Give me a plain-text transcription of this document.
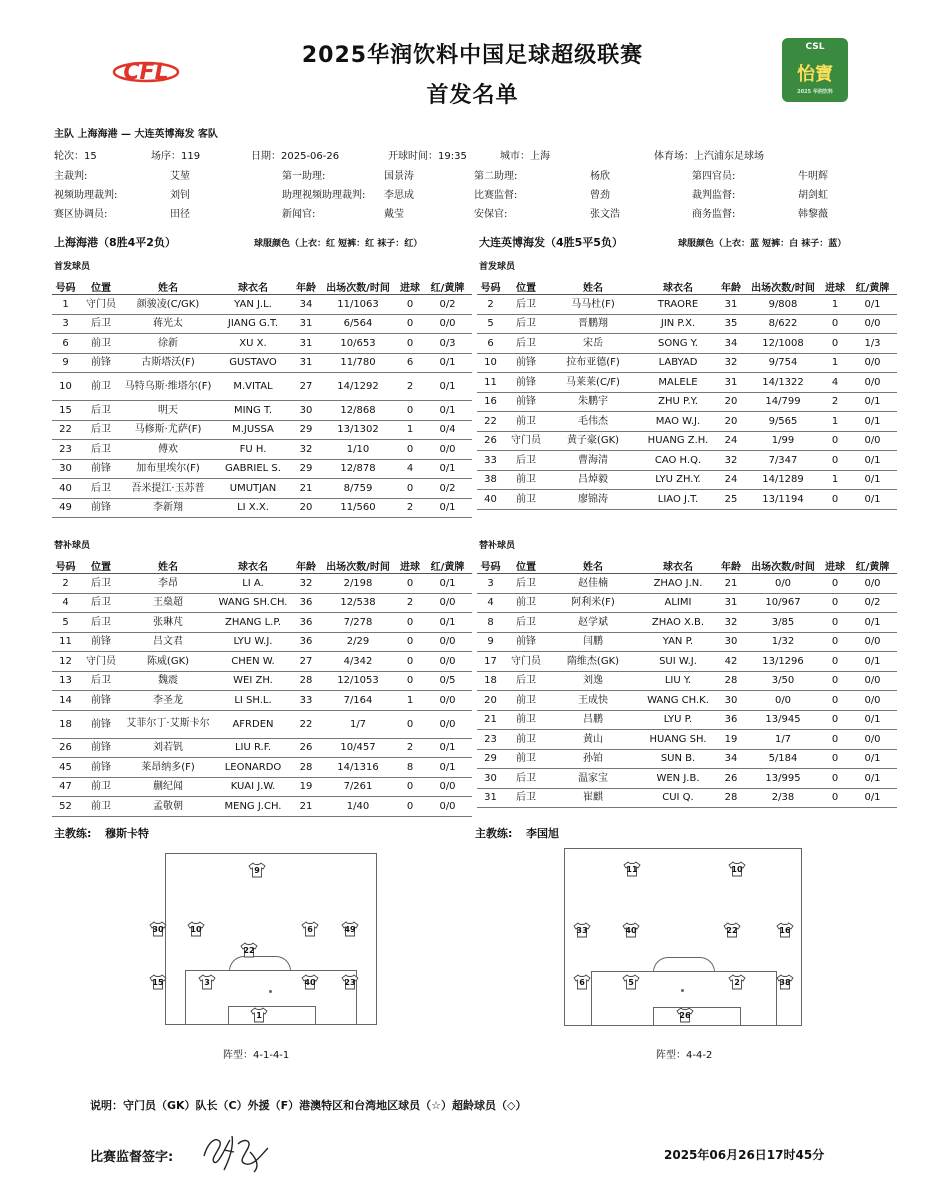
CFL
2025华润饮料中国足球超级联赛
首发名单
CSL
怡寶
2025 华润饮料
主队 上海海港 — 大连英博海发 客队
轮次：15	场序：119	日期：2025-06-26	开球时间：19:35	城市：上海	体育场：上汽浦东足球场
主裁判:	艾堃	第一助理:	国景涛	第二助理:	杨欣	第四官员:	牛明辉
视频助理裁判:	刘钊	助理视频助理裁判: 李思成	比赛监督:	曾劲	裁判监督:	胡剑虹
赛区协调员:	田径	新闻官:	戴莹	安保官:	张文浩	商务监督:	韩黎薇
上海海港（8胜4平2负）	球服颜色（上衣：红 短裤：红 袜子：红）	大连英博海发（4胜5平5负）	球服颜色（上衣：蓝 短裤：白 袜子：蓝）
首发球员	首发球员
号码	位置	姓名	球衣名	年龄	出场次数/时间	进球	红/黄牌
1	守门员	颜骏凌(C/GK)	YAN J.L.	34	11/1063	0	0/2
3	后卫	蒋光太	JIANG G.T.	31	6/564	0	0/0
6	前卫	徐新	XU X.	31	10/653	0	0/3
9	前锋	古斯塔沃(F)	GUSTAVO	31	11/780	6	0/1
10	前卫	马特乌斯·维塔尔(F)	M.VITAL	27	14/1292	2	0/1
15	后卫	明天	MING T.	30	12/868	0	0/1
22	后卫	马修斯·尤萨(F)	M.JUSSA	29	13/1302	1	0/4
23	后卫	傅欢	FU H.	32	1/10	0	0/0
30	前锋	加布里埃尔(F)	GABRIEL S.	29	12/878	4	0/1
40	后卫	吾米提江·玉苏普	UMUTJAN	21	8/759	0	0/2
49	前锋	李新翔	LI X.X.	20	11/560	2	0/1
号码	位置	姓名	球衣名	年龄	出场次数/时间	进球	红/黄牌
2	后卫	马马杜(F)	TRAORE	31	9/808	1	0/1
5	后卫	晋鹏翔	JIN P.X.	35	8/622	0	0/0
6	后卫	宋岳	SONG Y.	34	12/1008	0	1/3
10	前锋	拉布亚德(F)	LABYAD	32	9/754	1	0/0
11	前锋	马莱莱(C/F)	MALELE	31	14/1322	4	0/0
16	前锋	朱鹏宇	ZHU P.Y.	20	14/799	2	0/1
22	前卫	毛伟杰	MAO W.J.	20	9/565	1	0/1
26	守门员	黄子豪(GK)	HUANG Z.H.	24	1/99	0	0/0
33	后卫	曹海清	CAO H.Q.	32	7/347	0	0/1
38	前卫	吕焯毅	LYU ZH.Y.	24	14/1289	1	0/1
40	前卫	廖锦涛	LIAO J.T.	25	13/1194	0	0/1
替补球员	替补球员
号码	位置	姓名	球衣名	年龄	出场次数/时间	进球	红/黄牌
2	后卫	李昂	LI A.	32	2/198	0	0/1
4	后卫	王燊超	WANG SH.CH.	36	12/538	2	0/0
5	后卫	张琳芃	ZHANG L.P.	36	7/278	0	0/1
11	前锋	吕文君	LYU W.J.	36	2/29	0	0/0
12	守门员	陈威(GK)	CHEN W.	27	4/342	0	0/0
13	后卫	魏震	WEI ZH.	28	12/1053	0	0/5
14	前锋	李圣龙	LI SH.L.	33	7/164	1	0/0
18	前锋	艾菲尔丁·艾斯卡尔	AFRDEN	22	1/7	0	0/0
26	前锋	刘若钒	LIU R.F.	26	10/457	2	0/1
45	前锋	莱昂纳多(F)	LEONARDO	28	14/1316	8	0/1
47	前卫	蒯纪闻	KUAI J.W.	19	7/261	0	0/0
52	前卫	孟敬朝	MENG J.CH.	21	1/40	0	0/0
号码	位置	姓名	球衣名	年龄	出场次数/时间	进球	红/黄牌
3	后卫	赵佳楠	ZHAO J.N.	21	0/0	0	0/0
4	前卫	阿利米(F)	ALIMI	31	10/967	0	0/2
8	后卫	赵学斌	ZHAO X.B.	32	3/85	0	0/1
9	前锋	闫鹏	YAN P.	30	1/32	0	0/0
17	守门员	隋维杰(GK)	SUI W.J.	42	13/1296	0	0/1
18	后卫	刘逸	LIU Y.	28	3/50	0	0/0
20	前卫	王成快	WANG CH.K.	30	0/0	0	0/0
21	前卫	吕鹏	LYU P.	36	13/945	0	0/1
23	前卫	黄山	HUANG SH.	19	1/7	0	0/0
29	前卫	孙铂	SUN B.	34	5/184	0	0/1
30	后卫	温家宝	WEN J.B.	26	13/995	0	0/1
31	后卫	崔麒	CUI Q.	28	2/38	0	0/1
主教练: 穆斯卡特	主教练: 李国旭
9
30	10	6	49
22
15	3	40	23
1
11	10
33	40	22	16
6	5	2	38
26
阵型：4-1-4-1	阵型：4-4-2
说明：守门员（GK）队长（C）外援（F）港澳特区和台湾地区球员（☆）超龄球员（◇）
比赛监督签字:	2025年06月26日17时45分
